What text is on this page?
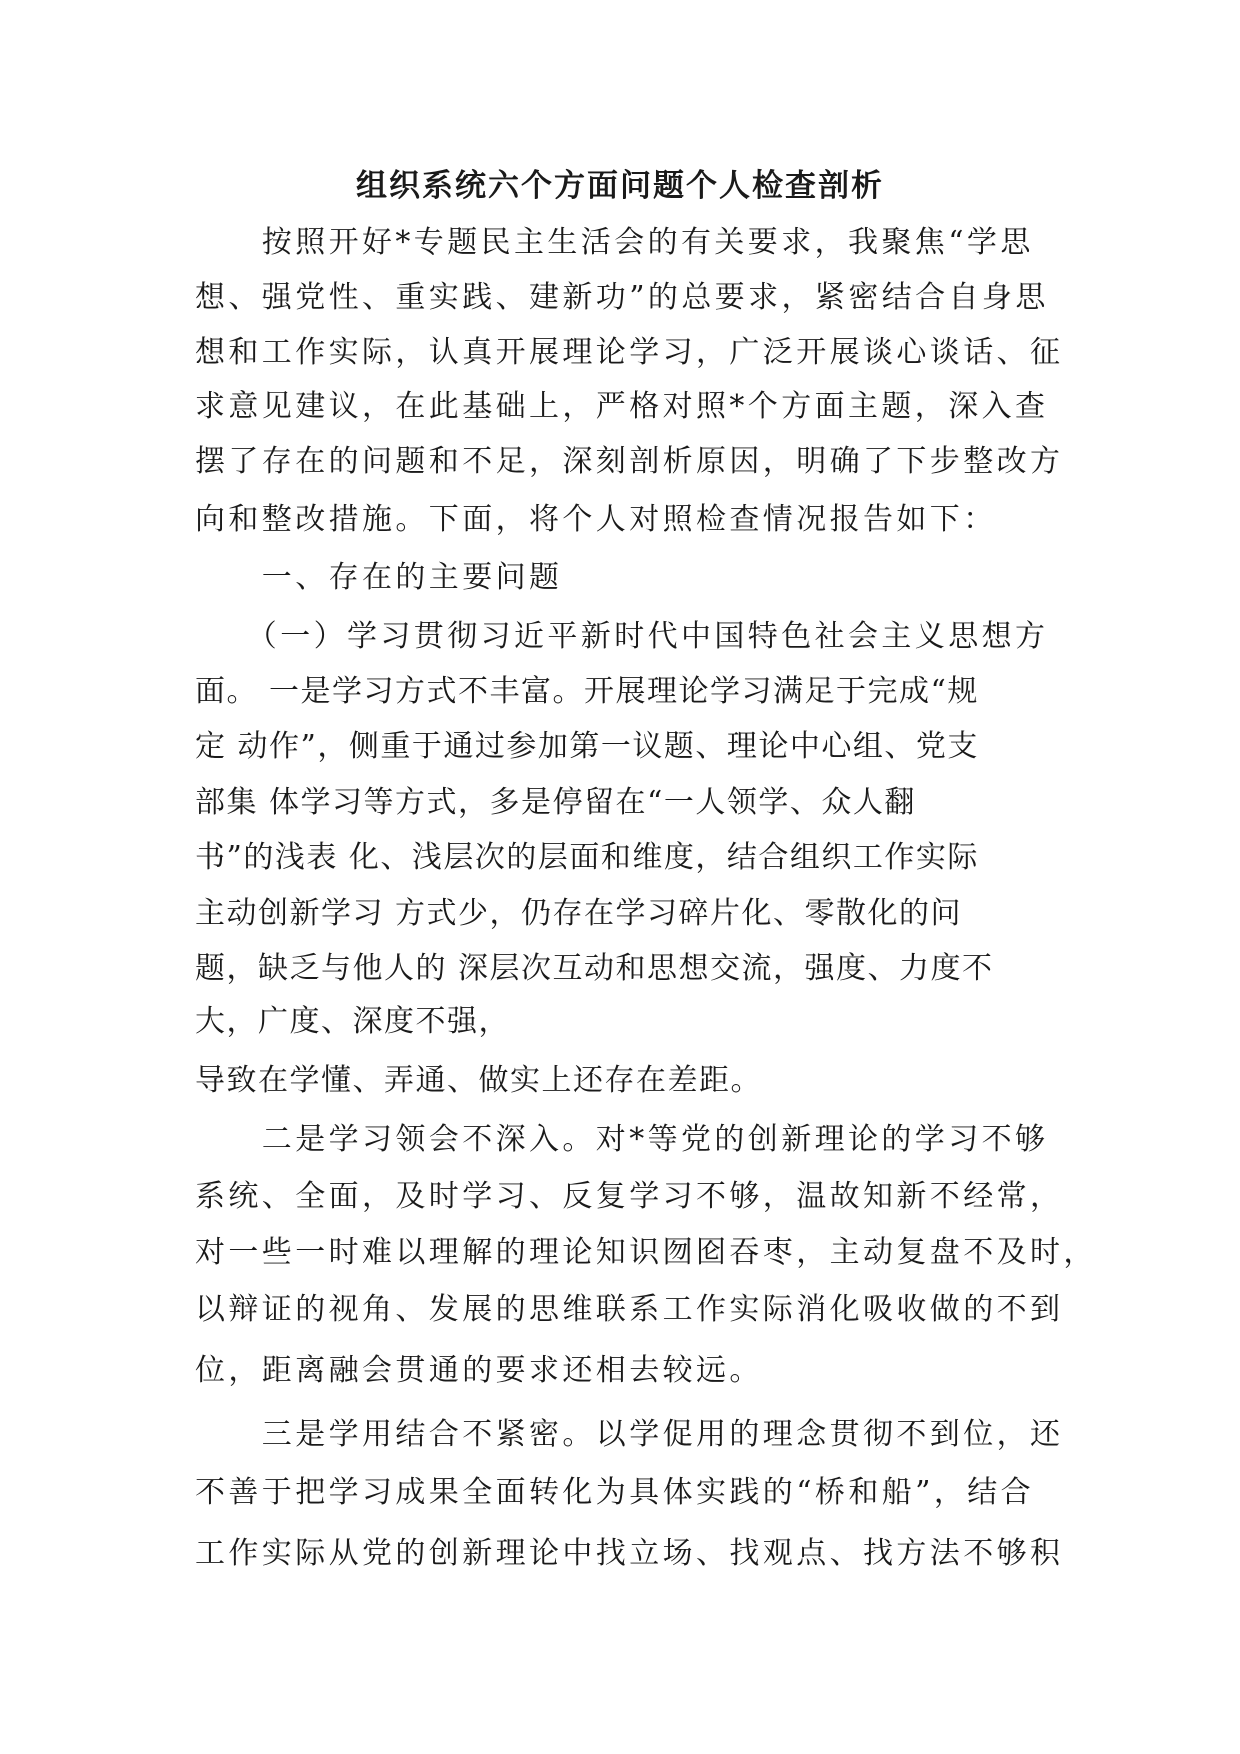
组织系统六个方面问题个人检查剖析
　　按照开好*专题民主生活会的有关要求，我聚焦“学思
想、强党性、重实践、建新功”的总要求，紧密结合自身思
想和工作实际，认真开展理论学习，广泛开展谈心谈话、征
求意见建议，在此基础上，严格对照*个方面主题，深入查
摆了存在的问题和不足，深刻剖析原因，明确了下步整改方
向和整改措施。下面，将个人对照检查情况报告如下：
　　一、存在的主要问题
　　（一）学习贯彻习近平新时代中国特色社会主义思想方
面。 一是学习方式不丰富。开展理论学习满足于完成“规
定 动作”，侧重于通过参加第一议题、理论中心组、党支
部集 体学习等方式，多是停留在“一人领学、众人翻
书”的浅表 化、浅层次的层面和维度，结合组织工作实际
主动创新学习 方式少，仍存在学习碎片化、零散化的问
题，缺乏与他人的 深层次互动和思想交流，强度、力度不
大，广度、深度不强，
导致在学懂、弄通、做实上还存在差距。
　　二是学习领会不深入。对*等党的创新理论的学习不够
系统、全面，及时学习、反复学习不够，温故知新不经常，
对一些一时难以理解的理论知识囫囵吞枣，主动复盘不及时，
以辩证的视角、发展的思维联系工作实际消化吸收做的不到
位，距离融会贯通的要求还相去较远。
　　三是学用结合不紧密。以学促用的理念贯彻不到位，还
不善于把学习成果全面转化为具体实践的“桥和船”，结合
工作实际从党的创新理论中找立场、找观点、找方法不够积
